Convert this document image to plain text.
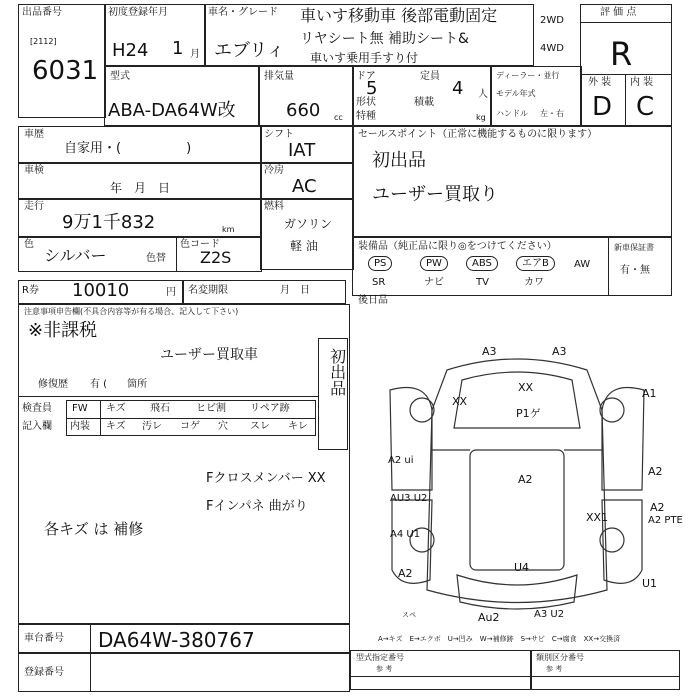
出品番号
[2112]
6031
初度登録年月
H24 1 月
車名・グレード
エブリィ
車いす移動車 後部電動固定
リヤシート無 補助シート&
車いす乗用手すり付
2WD
4WD
評 価 点
R
外 装 内 装
D C
型式
ABA-DA64W改
排気量
660 cc
ドア
5
定員
4 人
形状
特種
積載
kg
ディーラー・並行
モデル年式
ハンドル 左・右
車歴
自家用・(　　　　　)
車検
年　月　日
シフト
IAT
冷房
AC
セールスポイント（正常に機能するものに限ります）
初出品
ユーザー買取り
走行
9万1千832	km
燃料
ガソリン
軽 油
色
シルバー	色替
色コード
Z2S
装備品（純正品に限り◎をつけてください）
PS	PW	ABS	エアB	AW
SR	ナビ	TV	カワ
新車保証書
有・無
後日品
R券 10010	円 名変期限	月　日
注意事項申告欄(不具合内容等が有る場合、記入して下さい)
※非課税
ユーザー買取車	初出品
修復歴 有 (　　箇所
検査員
記入欄
FW キズ 飛石	ヒビ割 リペア跡
内装 キズ 汚レ コゲ 穴 スレ キレ
Fクロスメンバー XX
Fインパネ 曲がり
各キズ は 補修
A3	A3
A1
XX
XX
P1ゲ
A2
A2
A2
A2 ui
A2 PTE
XX1
AU3 U2
A4 U1
A2	U4
U1
Au2	A3 U2
スペ
A→キズ　E→エクボ　U→凹み　W→補修跡　S→サビ　C→腐食　XX→交換済
車台番号 DA64W-380767
登録番号
型式指定番号
参 考
類別区分番号
参 考
